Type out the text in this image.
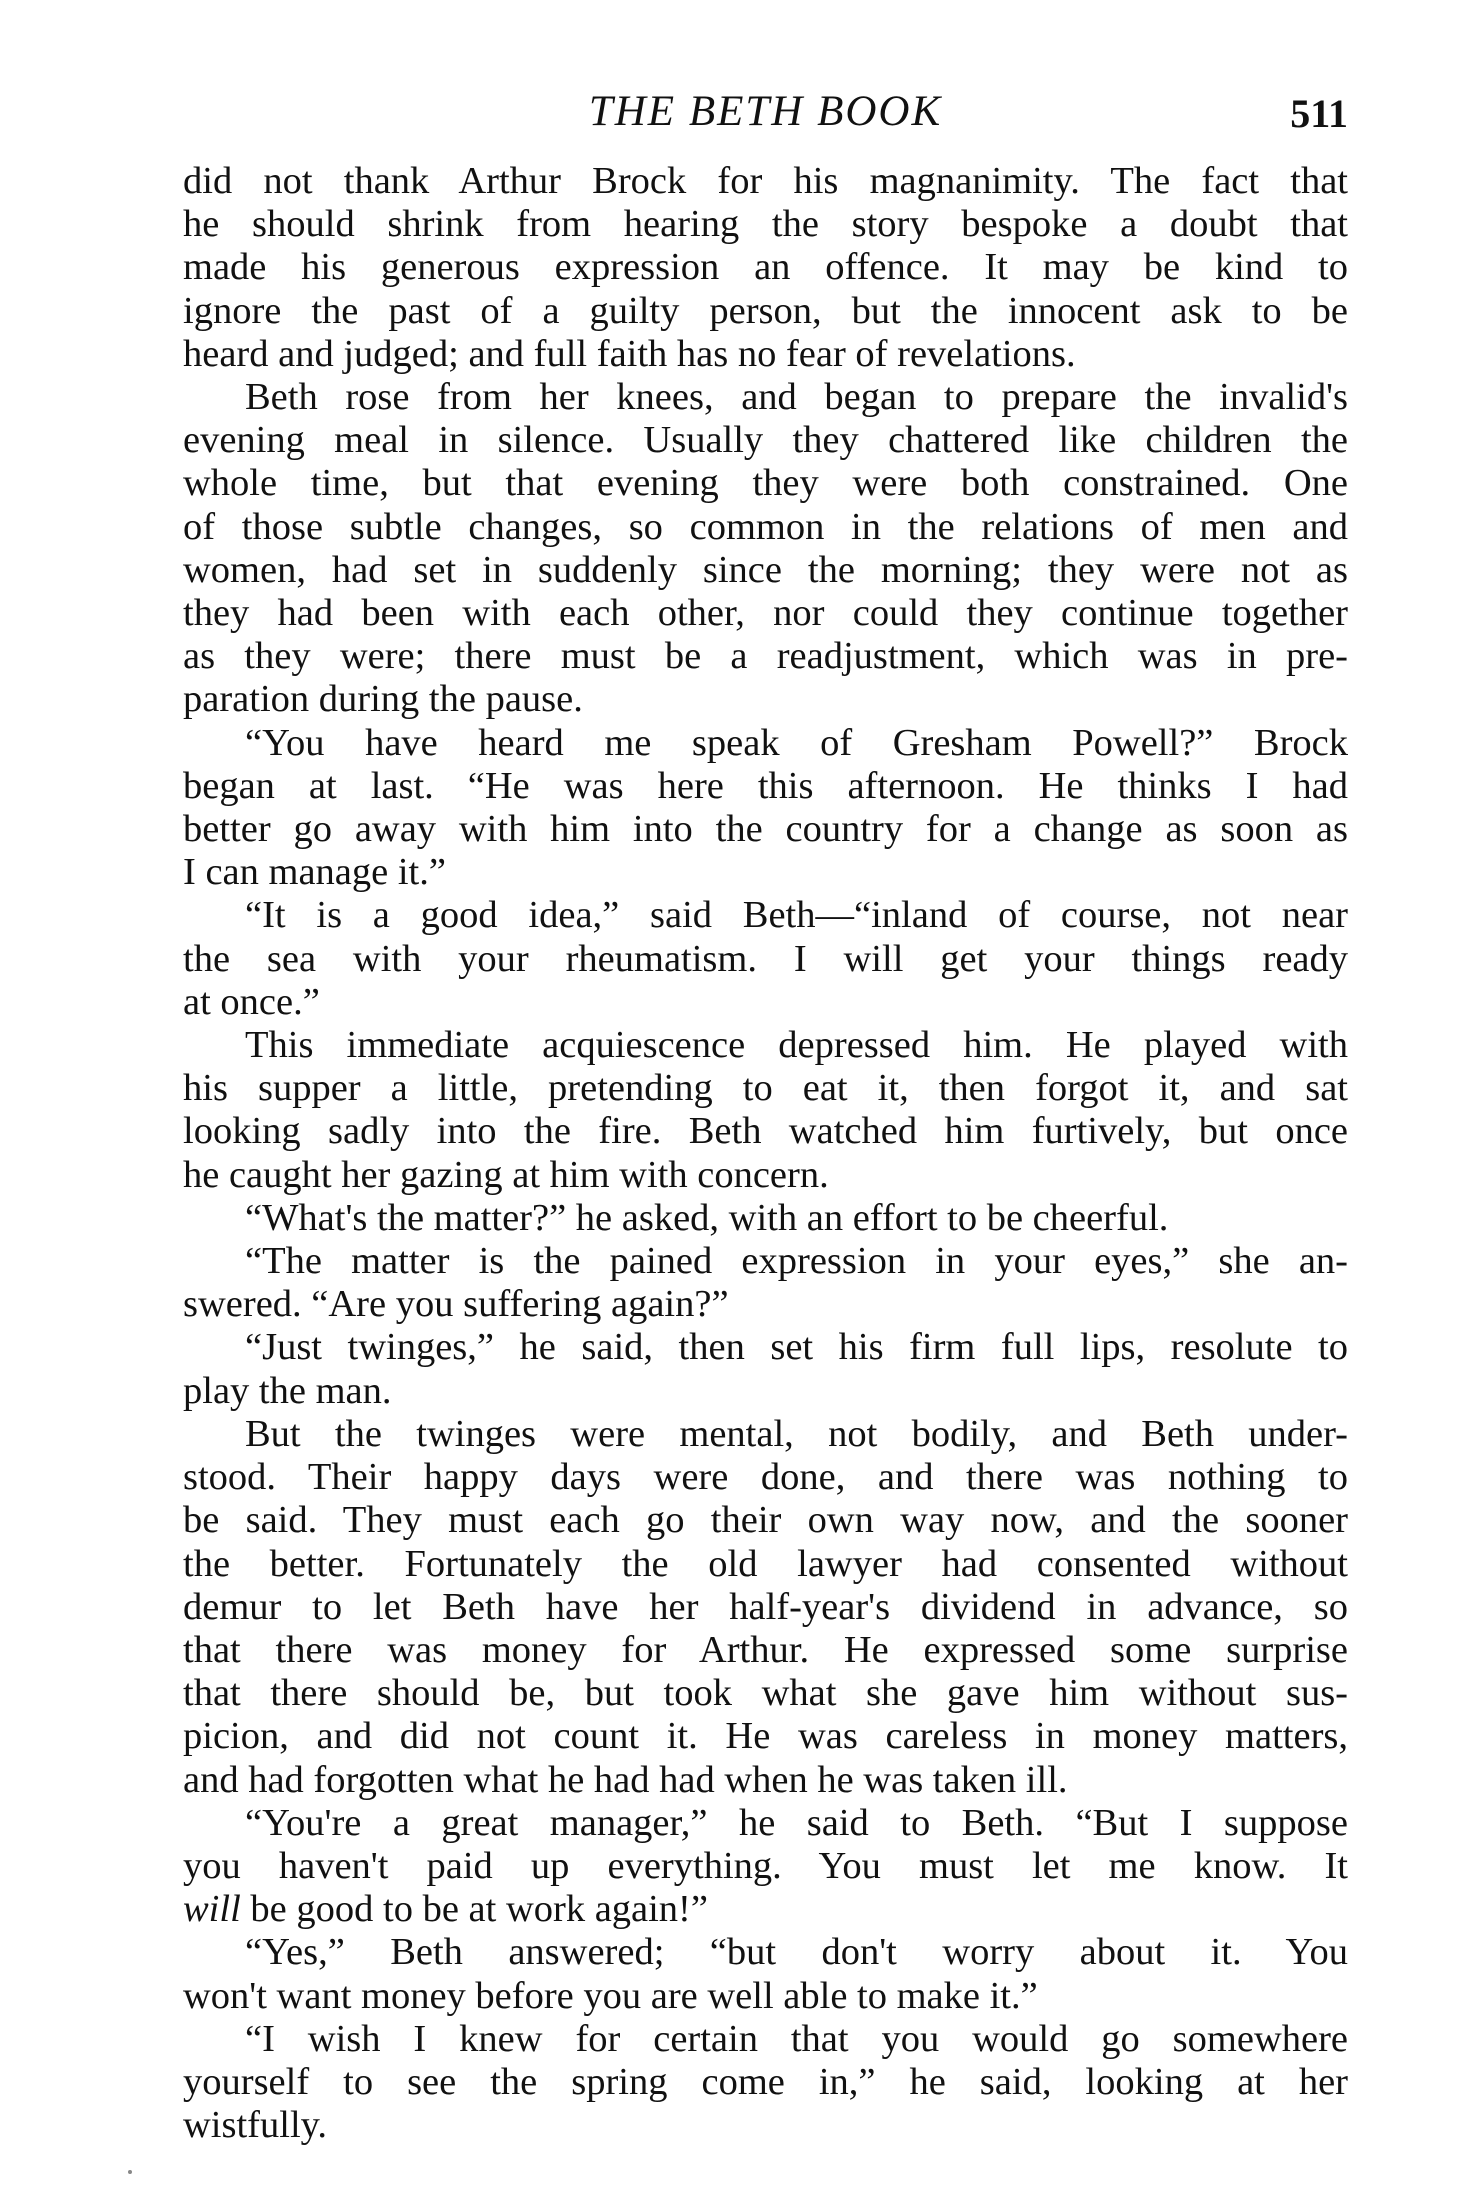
THE BETH BOOK	511
did not thank Arthur Brock for his magnanimity. The fact that
he should shrink from hearing the story bespoke a doubt that
made his generous expression an offence. It may be kind to
ignore the past of a guilty person, but the innocent ask to be
heard and judged; and full faith has no fear of revelations.
Beth rose from her knees, and began to prepare the invalid's
evening meal in silence. Usually they chattered like children the
whole time, but that evening they were both constrained. One
of those subtle changes, so common in the relations of men and
women, had set in suddenly since the morning; they were not as
they had been with each other, nor could they continue together
as they were; there must be a readjustment, which was in pre-
paration during the pause.
“You have heard me speak of Gresham Powell?” Brock
began at last. “He was here this afternoon. He thinks I had
better go away with him into the country for a change as soon as
I can manage it.”
“It is a good idea,” said Beth—“inland of course, not near
the sea with your rheumatism. I will get your things ready
at once.”
This immediate acquiescence depressed him. He played with
his supper a little, pretending to eat it, then forgot it, and sat
looking sadly into the fire. Beth watched him furtively, but once
he caught her gazing at him with concern.
“What's the matter?” he asked, with an effort to be cheerful.
“The matter is the pained expression in your eyes,” she an-
swered. “Are you suffering again?”
“Just twinges,” he said, then set his firm full lips, resolute to
play the man.
But the twinges were mental, not bodily, and Beth under-
stood. Their happy days were done, and there was nothing to
be said. They must each go their own way now, and the sooner
the better. Fortunately the old lawyer had consented without
demur to let Beth have her half-year's dividend in advance, so
that there was money for Arthur. He expressed some surprise
that there should be, but took what she gave him without sus-
picion, and did not count it. He was careless in money matters,
and had forgotten what he had had when he was taken ill.
“You're a great manager,” he said to Beth. “But I suppose
you haven't paid up everything. You must let me know. It
will be good to be at work again!”
“Yes,” Beth answered; “but don't worry about it. You
won't want money before you are well able to make it.”
“I wish I knew for certain that you would go somewhere
yourself to see the spring come in,” he said, looking at her
wistfully.
